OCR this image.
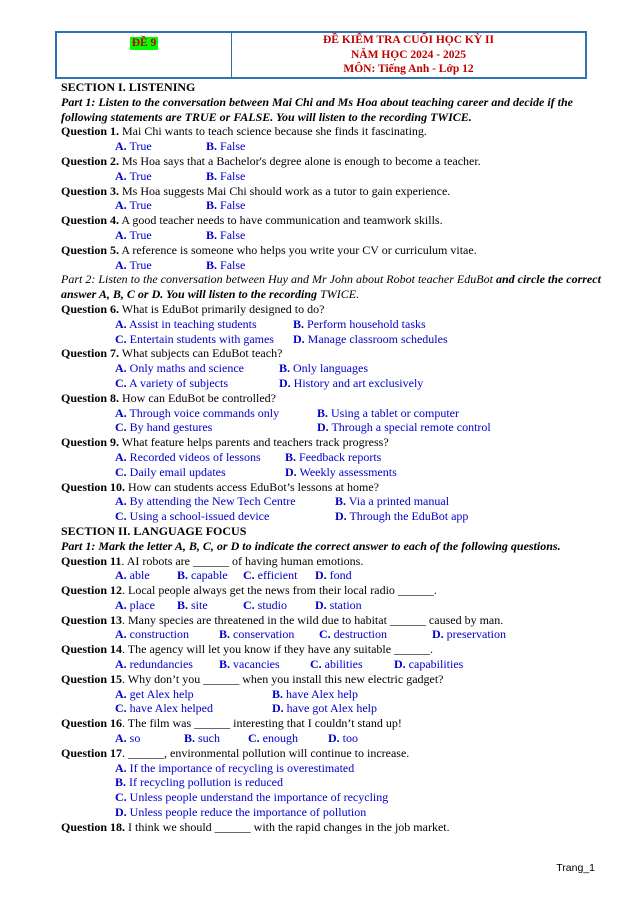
ĐỀ 9	ĐỀ KIỂM TRA CUỐI HỌC KỲ II
NĂM HỌC 2024 - 2025
MÔN: Tiếng Anh - Lớp 12
SECTION I. LISTENING
Part 1: Listen to the conversation between Mai Chi and Ms Hoa about teaching career and decide if the following statements are TRUE or FALSE. You will listen to the recording TWICE.
Question 1. Mai Chi wants to teach science because she finds it fascinating.
A. True	B. False
Question 2. Ms Hoa says that a Bachelor's degree alone is enough to become a teacher.
A. True	B. False
Question 3. Ms Hoa suggests Mai Chi should work as a tutor to gain experience.
A. True	B. False
Question 4. A good teacher needs to have communication and teamwork skills.
A. True	B. False
Question 5. A reference is someone who helps you write your CV or curriculum vitae.
A. True	B. False
Part 2: Listen to the conversation between Huy and Mr John about Robot teacher EduBot and circle the correct answer A, B, C or D. You will listen to the recording TWICE.
Question 6. What is EduBot primarily designed to do?
A. Assist in teaching students	B. Perform household tasks
C. Entertain students with games	D. Manage classroom schedules
Question 7. What subjects can EduBot teach?
A. Only maths and science	B. Only languages
C. A variety of subjects	D. History and art exclusively
Question 8. How can EduBot be controlled?
A. Through voice commands only	B. Using a tablet or computer
C. By hand gestures	D. Through a special remote control
Question 9. What feature helps parents and teachers track progress?
A. Recorded videos of lessons	B. Feedback reports
C. Daily email updates	D. Weekly assessments
Question 10. How can students access EduBot’s lessons at home?
A. By attending the New Tech Centre	B. Via a printed manual
C. Using a school-issued device	D. Through the EduBot app
SECTION II. LANGUAGE FOCUS
Part 1: Mark the letter A, B, C, or D to indicate the correct answer to each of the following questions.
Question 11. AI robots are ______ of having human emotions.
A. able	B. capable	C. efficient	D. fond
Question 12. Local people always get the news from their local radio ______.
A. place	B. site	C. studio	D. station
Question 13. Many species are threatened in the wild due to habitat ______ caused by man.
A. construction	B. conservation	C. destruction	D. preservation
Question 14. The agency will let you know if they have any suitable ______.
A. redundancies	B. vacancies	C. abilities	D. capabilities
Question 15. Why don’t you ______ when you install this new electric gadget?
A. get Alex help	B. have Alex help
C. have Alex helped	D. have got Alex help
Question 16. The film was ______ interesting that I couldn’t stand up!
A. so	B. such	C. enough	D. too
Question 17. ______, environmental pollution will continue to increase.
A. If the importance of recycling is overestimated
B. If recycling pollution is reduced
C. Unless people understand the importance of recycling
D. Unless people reduce the importance of pollution
Question 18. I think we should ______ with the rapid changes in the job market.
Trang_1
